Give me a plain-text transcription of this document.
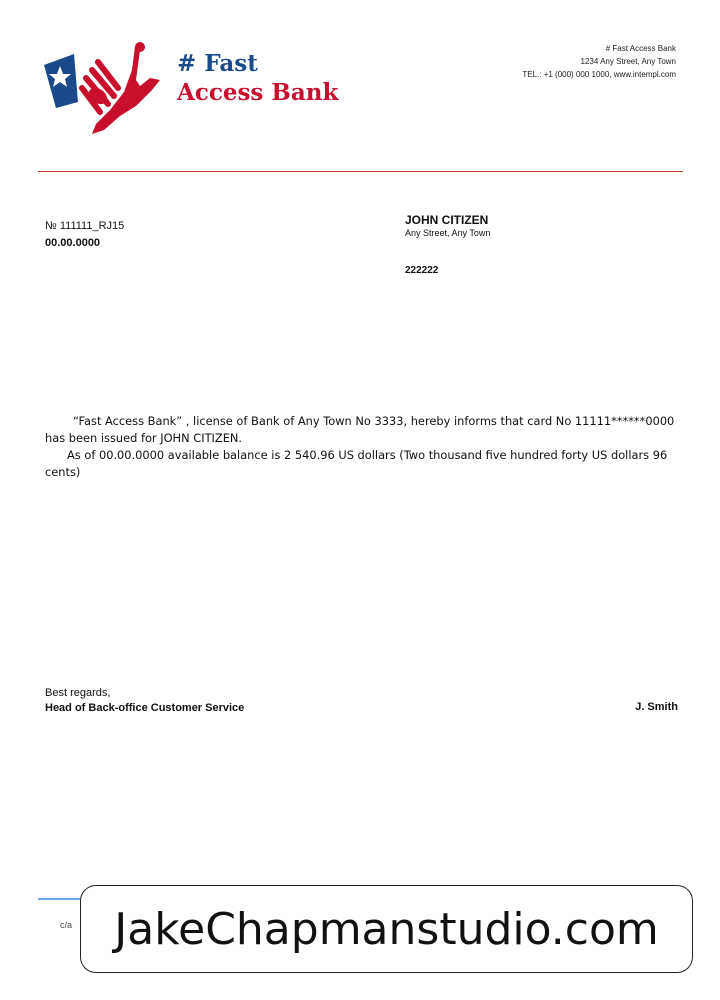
# Fast
Access Bank
# Fast Access Bank
1234 Any Street, Any Town
TEL.: +1 (000) 000 1000, www.intempl.com
№ 111111_RJ15
00.00.0000
JOHN CITIZEN
Any Street, Any Town
222222

“Fast Access Bank” , license of Bank of Any Town No 3333, hereby informs that card No 11111******0000 has been issued for JOHN CITIZEN.

As of 00.00.0000 available balance is 2 540.96 US dollars (Two thousand five hundred forty US dollars 96 cents)

Best regards,
Head of Back-office Customer Service	J. Smith
c/a JakeChapmanstudio.com
